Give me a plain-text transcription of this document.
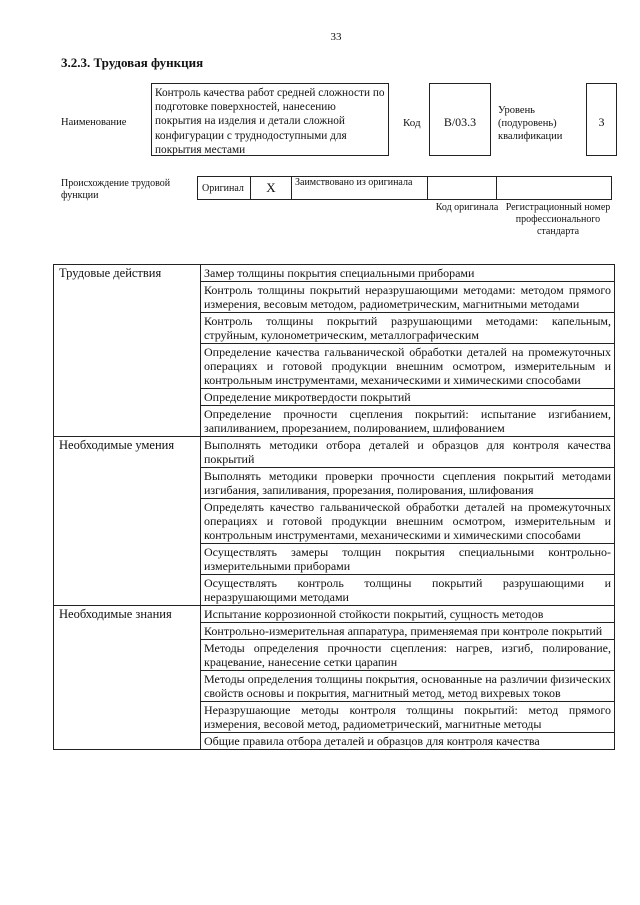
33
3.2.3. Трудовая функция
Наименование
Контроль качества работ средней сложности по подготовке поверхностей, нанесению покрытия на изделия и детали сложной конфигурации с труднодоступными для покрытия местами
Код	B/03.3
Уровень (подуровень) квалификации
3
Происхождение трудовой функции
Оригинал	X	Заимствовано из оригинала
Код оригинала Регистрационный номер профессионального стандарта
Трудовые действия	Замер толщины покрытия специальными приборами
	Контроль толщины покрытий неразрушающими методами: методом прямого измерения, весовым методом, радиометрическим, магнитными методами
	Контроль толщины покрытий разрушающими методами: капельным, струйным, кулонометрическим, металлографическим
	Определение качества гальванической обработки деталей на промежуточных операциях и готовой продукции внешним осмотром, измерительным и контрольным инструментами, механическими и химическими способами
	Определение микротвердости покрытий
	Определение прочности сцепления покрытий: испытание изгибанием, запиливанием, прорезанием, полированием, шлифованием
Необходимые умения	Выполнять методики отбора деталей и образцов для контроля качества покрытий
	Выполнять методики проверки прочности сцепления покрытий методами изгибания, запиливания, прорезания, полирования, шлифования
	Определять качество гальванической обработки деталей на промежуточных операциях и готовой продукции внешним осмотром, измерительным и контрольным инструментами, механическими и химическими способами
	Осуществлять замеры толщин покрытия специальными контрольно-измерительными приборами
	Осуществлять контроль толщины покрытий разрушающими и неразрушающими методами
Необходимые знания	Испытание коррозионной стойкости покрытий, сущность методов
	Контрольно-измерительная аппаратура, применяемая при контроле покрытий
	Методы определения прочности сцепления: нагрев, изгиб, полирование, крацевание, нанесение сетки царапин
	Методы определения толщины покрытия, основанные на различии физических свойств основы и покрытия, магнитный метод, метод вихревых токов
	Неразрушающие методы контроля толщины покрытий: метод прямого измерения, весовой метод, радиометрический, магнитные методы
	Общие правила отбора деталей и образцов для контроля качества
